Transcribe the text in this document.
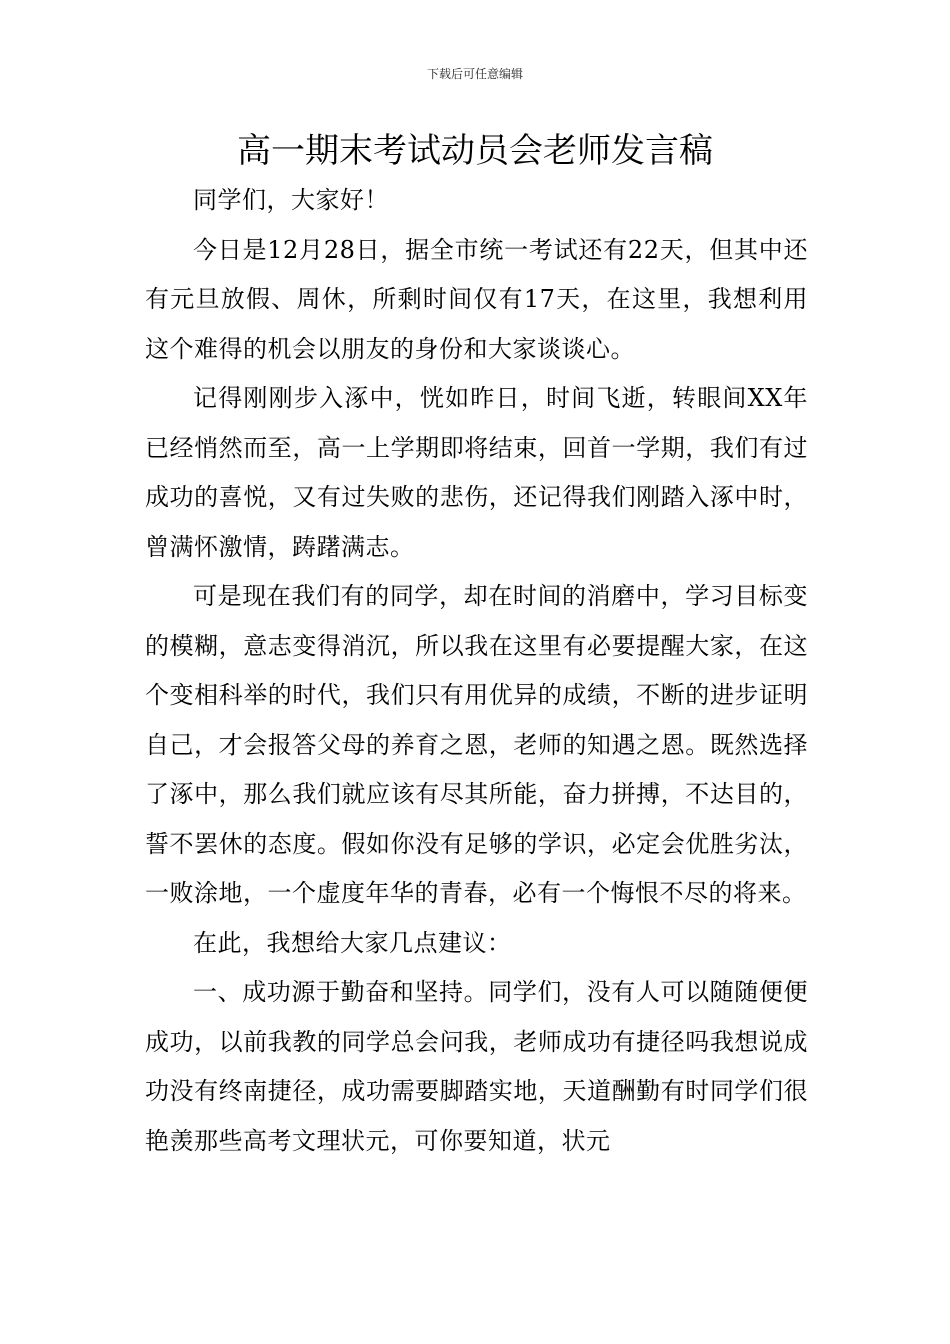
下载后可任意编辑
高一期末考试动员会老师发言稿

同学们，大家好！

今日是12月28日，据全市统一考试还有22天，但其中还有元旦放假、周休，所剩时间仅有17天，在这里，我想利用这个难得的机会以朋友的身份和大家谈谈心。

记得刚刚步入涿中，恍如昨日，时间飞逝，转眼间XX年已经悄然而至，高一上学期即将结束，回首一学期，我们有过成功的喜悦，又有过失败的悲伤，还记得我们刚踏入涿中时，曾满怀激情，踌躇满志。

可是现在我们有的同学，却在时间的消磨中，学习目标变的模糊，意志变得消沉，所以我在这里有必要提醒大家，在这个变相科举的时代，我们只有用优异的成绩，不断的进步证明自己，才会报答父母的养育之恩，老师的知遇之恩。既然选择了涿中，那么我们就应该有尽其所能，奋力拼搏，不达目的，誓不罢休的态度。假如你没有足够的学识，必定会优胜劣汰，一败涂地，一个虚度年华的青春，必有一个悔恨不尽的将来。

在此，我想给大家几点建议：

一、成功源于勤奋和坚持。同学们，没有人可以随随便便成功，以前我教的同学总会问我，老师成功有捷径吗我想说成功没有终南捷径，成功需要脚踏实地，天道酬勤有时同学们很艳羡那些高考文理状元，可你要知道，状元
